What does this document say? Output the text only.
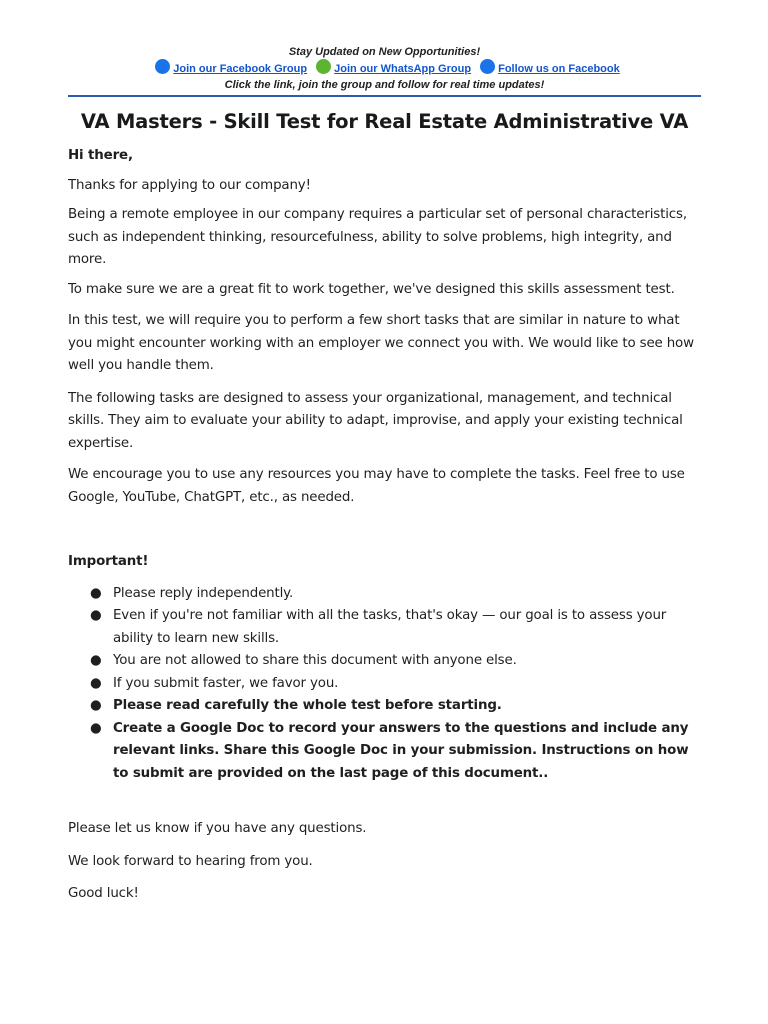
Stay Updated on New Opportunities!
Join our Facebook Group Join our WhatsApp Group Follow us on Facebook
Click the link, join the group and follow for real time updates!
VA Masters - Skill Test for Real Estate Administrative VA

Hi there,

Thanks for applying to our company!

Being a remote employee in our company requires a particular set of personal characteristics, such as independent thinking, resourcefulness, ability to solve problems, high integrity, and more.

To make sure we are a great fit to work together, we've designed this skills assessment test.

In this test, we will require you to perform a few short tasks that are similar in nature to what you might encounter working with an employer we connect you with. We would like to see how well you handle them.

The following tasks are designed to assess your organizational, management, and technical skills. They aim to evaluate your ability to adapt, improvise, and apply your existing technical expertise.

We encourage you to use any resources you may have to complete the tasks. Feel free to use Google, YouTube, ChatGPT, etc., as needed.

Important!

● Please reply independently.
● Even if you're not familiar with all the tasks, that's okay — our goal is to assess your ability to learn new skills.
● You are not allowed to share this document with anyone else.
● If you submit faster, we favor you.
● Please read carefully the whole test before starting.
● Create a Google Doc to record your answers to the questions and include any relevant links. Share this Google Doc in your submission. Instructions on how to submit are provided on the last page of this document..

Please let us know if you have any questions.

We look forward to hearing from you.

Good luck!
